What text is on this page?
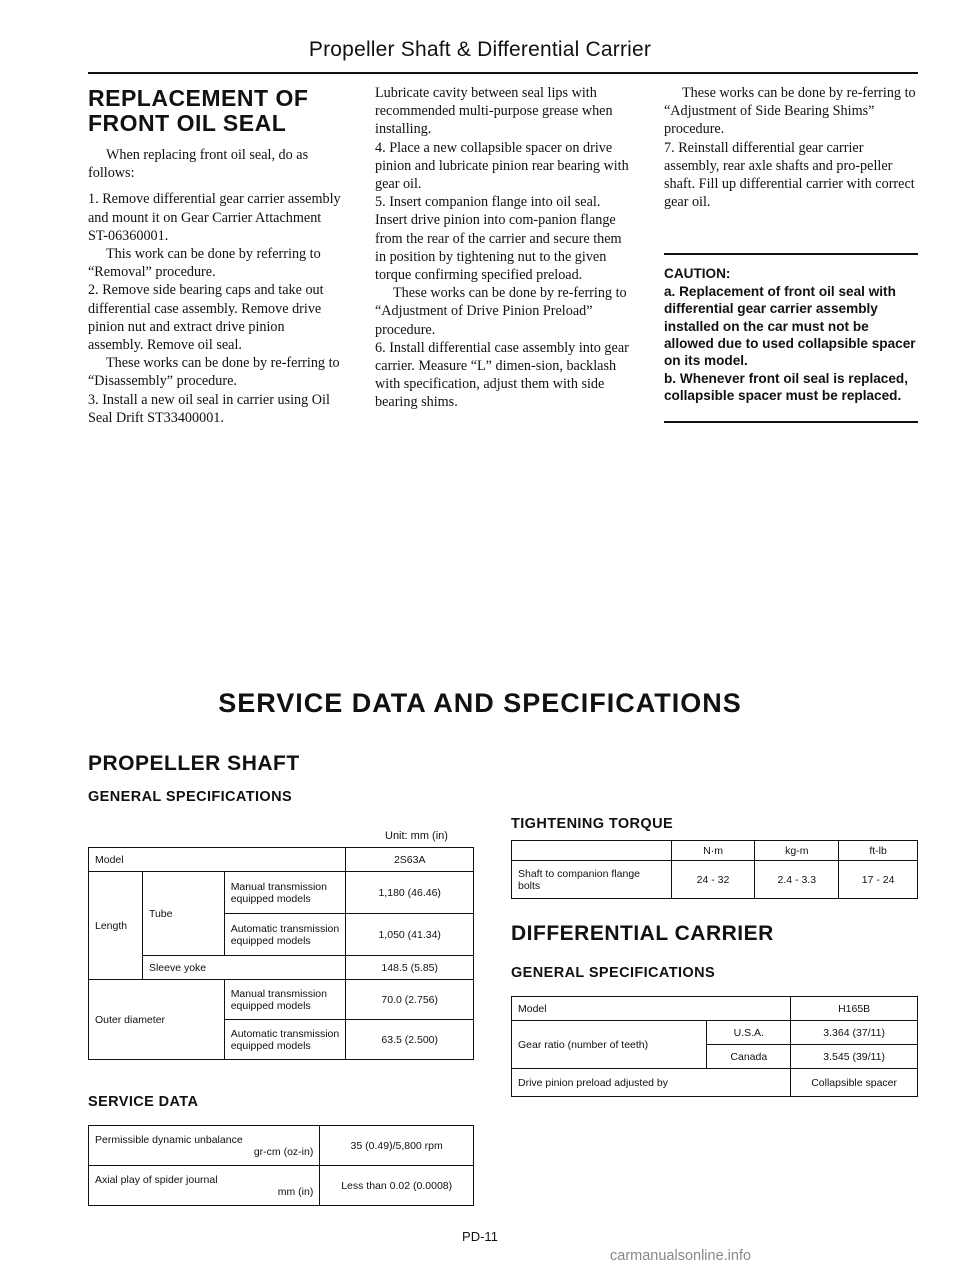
Propeller Shaft & Differential Carrier
REPLACEMENT OF
FRONT OIL SEAL

When replacing front oil seal, do as follows:

1. Remove differential gear carrier assembly and mount it on Gear Carrier Attachment ST-06360001.

This work can be done by referring to “Removal” procedure.

2. Remove side bearing caps and take out differential case assembly. Remove drive pinion nut and extract drive pinion assembly. Remove oil seal.

These works can be done by re-ferring to “Disassembly” procedure.

3. Install a new oil seal in carrier using Oil Seal Drift ST33400001.

Lubricate cavity between seal lips with recommended multi-purpose grease when installing.

4. Place a new collapsible spacer on drive pinion and lubricate pinion rear bearing with gear oil.

5. Insert companion flange into oil seal. Insert drive pinion into com-panion flange from the rear of the carrier and secure them in position by tightening nut to the given torque confirming specified preload.

These works can be done by re-ferring to “Adjustment of Drive Pinion Preload” procedure.

6. Install differential case assembly into gear carrier. Measure “L” dimen-sion, backlash with specification, adjust them with side bearing shims.

These works can be done by re-ferring to “Adjustment of Side Bearing Shims” procedure.

7. Reinstall differential gear carrier assembly, rear axle shafts and pro-peller shaft. Fill up differential carrier with correct gear oil.

CAUTION:
a. Replacement of front oil seal with differential gear carrier assembly installed on the car must not be allowed due to used collapsible spacer on its model.
b. Whenever front oil seal is replaced, collapsible spacer must be replaced.
SERVICE DATA AND SPECIFICATIONS
PROPELLER SHAFT
GENERAL SPECIFICATIONS
Unit: mm (in)
Model			2S63A
Length	Tube	Manual transmission equipped models	1,180 (46.46)
		Automatic transmission equipped models	1,050 (41.34)
	Sleeve yoke		148.5 (5.85)
Outer diameter		Manual transmission equipped models	70.0 (2.756)
		Automatic transmission equipped models	63.5 (2.500)
SERVICE DATA
Permissible dynamic unbalance
gr-cm (oz-in)	35 (0.49)/5,800 rpm

Axial play of spider journal
mm (in)	Less than 0.02 (0.0008)
TIGHTENING TORQUE
	N·m	kg-m	ft-lb
Shaft to companion flange bolts	24 - 32	2.4 - 3.3	17 - 24
DIFFERENTIAL CARRIER
GENERAL SPECIFICATIONS
Model		H165B
Gear ratio (number of teeth)	U.S.A.	3.364 (37/11)
	Canada	3.545 (39/11)
Drive pinion preload adjusted by		Collapsible spacer
PD-11
carmanualsonline.info
